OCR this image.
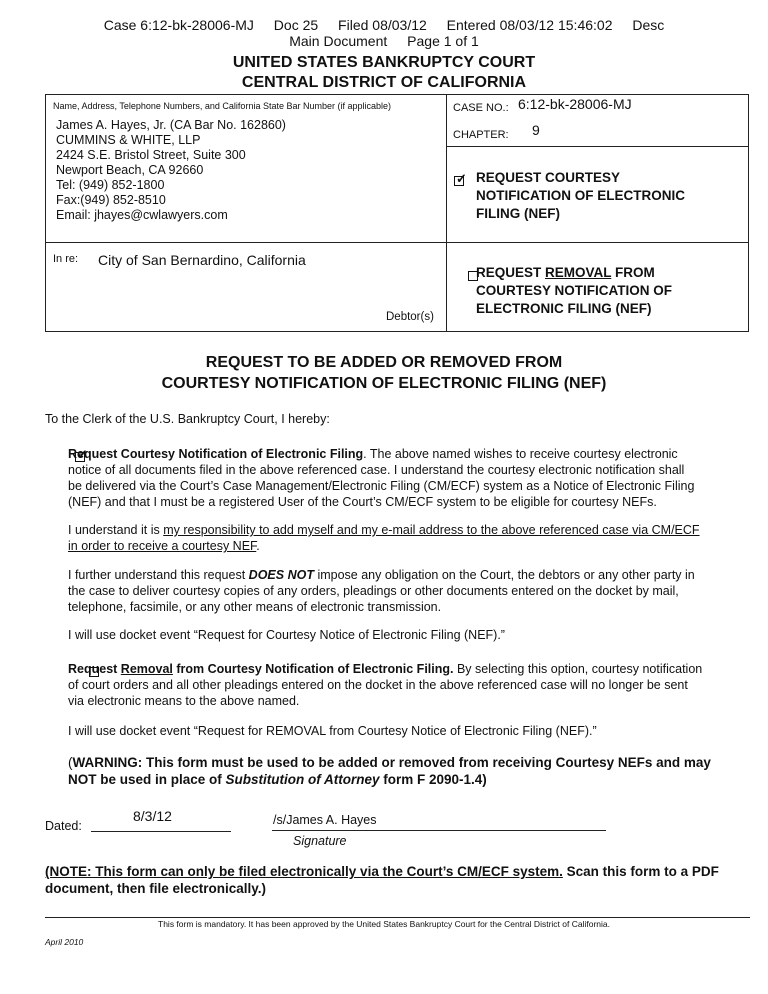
Case 6:12-bk-28006-MJ Doc 25 Filed 08/03/12 Entered 08/03/12 15:46:02 Desc
Main Document Page 1 of 1
UNITED STATES BANKRUPTCY COURT
CENTRAL DISTRICT OF CALIFORNIA
Name, Address, Telephone Numbers, and California State Bar Number (if applicable)
James A. Hayes, Jr. (CA Bar No. 162860)
CUMMINS & WHITE, LLP
2424 S.E. Bristol Street, Suite 300
Newport Beach, CA 92660
Tel: (949) 852-1800
Fax:(949) 852-8510
Email: jhayes@cwlawyers.com
In re: City of San Bernardino, California
Debtor(s)
CASE NO.: 6:12-bk-28006-MJ
CHAPTER: 9
✓
REQUEST COURTESY
NOTIFICATION OF ELECTRONIC
FILING (NEF)

REQUEST REMOVAL FROM
COURTESY NOTIFICATION OF
ELECTRONIC FILING (NEF)
REQUEST TO BE ADDED OR REMOVED FROM
COURTESY NOTIFICATION OF ELECTRONIC FILING (NEF)
To the Clerk of the U.S. Bankruptcy Court, I hereby:
✓
Request Courtesy Notification of Electronic Filing. The above named wishes to receive courtesy electronic
notice of all documents filed in the above referenced case. I understand the courtesy electronic notification shall
be delivered via the Court’s Case Management/Electronic Filing (CM/ECF) system as a Notice of Electronic Filing
(NEF) and that I must be a registered User of the Court’s CM/ECF system to be eligible for courtesy NEFs.
I understand it is my responsibility to add myself and my e-mail address to the above referenced case via CM/ECF
in order to receive a courtesy NEF.
I further understand this request DOES NOT impose any obligation on the Court, the debtors or any other party in
the case to deliver courtesy copies of any orders, pleadings or other documents entered on the docket by mail,
telephone, facsimile, or any other means of electronic transmission.
I will use docket event “Request for Courtesy Notice of Electronic Filing (NEF).”
Request Removal from Courtesy Notification of Electronic Filing. By selecting this option, courtesy notification
of court orders and all other pleadings entered on the docket in the above referenced case will no longer be sent
via electronic means to the above named.
I will use docket event “Request for REMOVAL from Courtesy Notice of Electronic Filing (NEF).”
(WARNING: This form must be used to be added or removed from receiving Courtesy NEFs and may
NOT be used in place of Substitution of Attorney form F 2090-1.4)
Dated:
8/3/12	/s/James A. Hayes
Signature
(NOTE: This form can only be filed electronically via the Court’s CM/ECF system. Scan this form to a PDF
document, then file electronically.)
This form is mandatory. It has been approved by the United States Bankruptcy Court for the Central District of California.
April 2010
